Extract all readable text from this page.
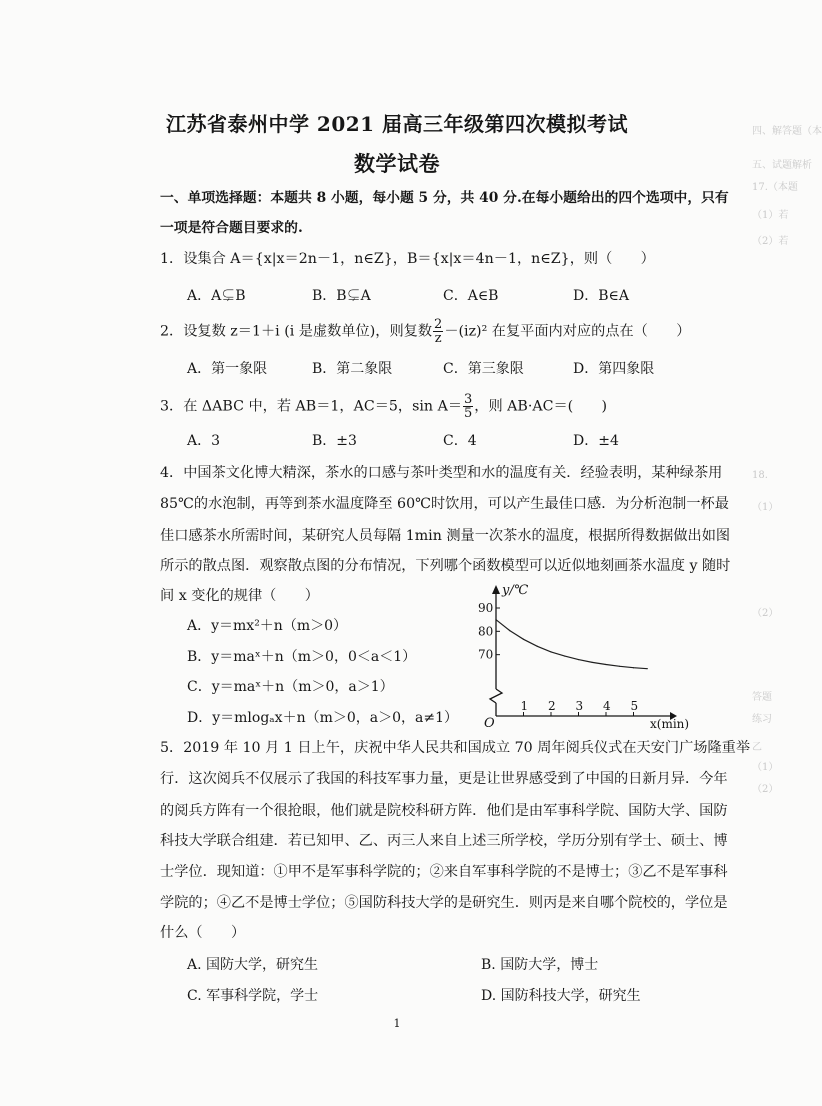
四、解答题（本
五、试题解析
17.（本题
（1）若
（2）若
18.
（1）
（2）
答题
练习
乙
（1）
（2）
江苏省泰州中学 2021 届高三年级第四次模拟考试
数学试卷
一、单项选择题：本题共 8 小题，每小题 5 分，共 40 分.在每小题给出的四个选项中，只有
一项是符合题目要求的.
1．设集合 A＝{x|x＝2n－1，n∈Z}，B＝{x|x＝4n－1，n∈Z}，则（　　）
A．A⊊B	B．B⊊A	C．A∈B	D．B∈A
2．设复数 z＝1＋i (i 是虚数单位)，则复数 $\frac{2}{z} -(iz)^2$ 在复平面内对应的点在（　　）
A．第一象限	B．第二象限	C．第三象限	D．第四象限
3．在 ΔABC 中，若 AB＝1，AC＝5，$\sin A= \frac{3}{5}$ ，则 AB·AC＝(　　)
A．3	B．±3	C．4	D．±4
4．中国茶文化博大精深，茶水的口感与茶叶类型和水的温度有关．经验表明，某种绿茶用
85℃的水泡制，再等到茶水温度降至 60℃时饮用，可以产生最佳口感．为分析泡制一杯最
佳口感茶水所需时间，某研究人员每隔 1min 测量一次茶水的温度，根据所得数据做出如图
所示的散点图．观察散点图的分布情况，下列哪个函数模型可以近似地刻画茶水温度 y 随时
间 x 变化的规律（　　）
A．y＝mx²＋n（m＞0）
B．y＝maˣ＋n（m＞0，0＜a＜1）
C．y＝maˣ＋n（m＞0，a＞1）
D．y＝mlogₐx＋n（m＞0，a＞0，a≠1）
y/℃
x(min)
O
70
80
90
1 2 3 4 5
5．2019 年 10 月 1 日上午，庆祝中华人民共和国成立 70 周年阅兵仪式在天安门广场隆重举
行．这次阅兵不仅展示了我国的科技军事力量，更是让世界感受到了中国的日新月异．今年
的阅兵方阵有一个很抢眼，他们就是院校科研方阵．他们是由军事科学院、国防大学、国防
科技大学联合组建．若已知甲、乙、丙三人来自上述三所学校，学历分别有学士、硕士、博
士学位．现知道：①甲不是军事科学院的；②来自军事科学院的不是博士；③乙不是军事科
学院的；④乙不是博士学位；⑤国防科技大学的是研究生．则丙是来自哪个院校的，学位是
什么（　　）
A. 国防大学，研究生	B. 国防大学，博士
C. 军事科学院，学士	D. 国防科技大学，研究生
1
